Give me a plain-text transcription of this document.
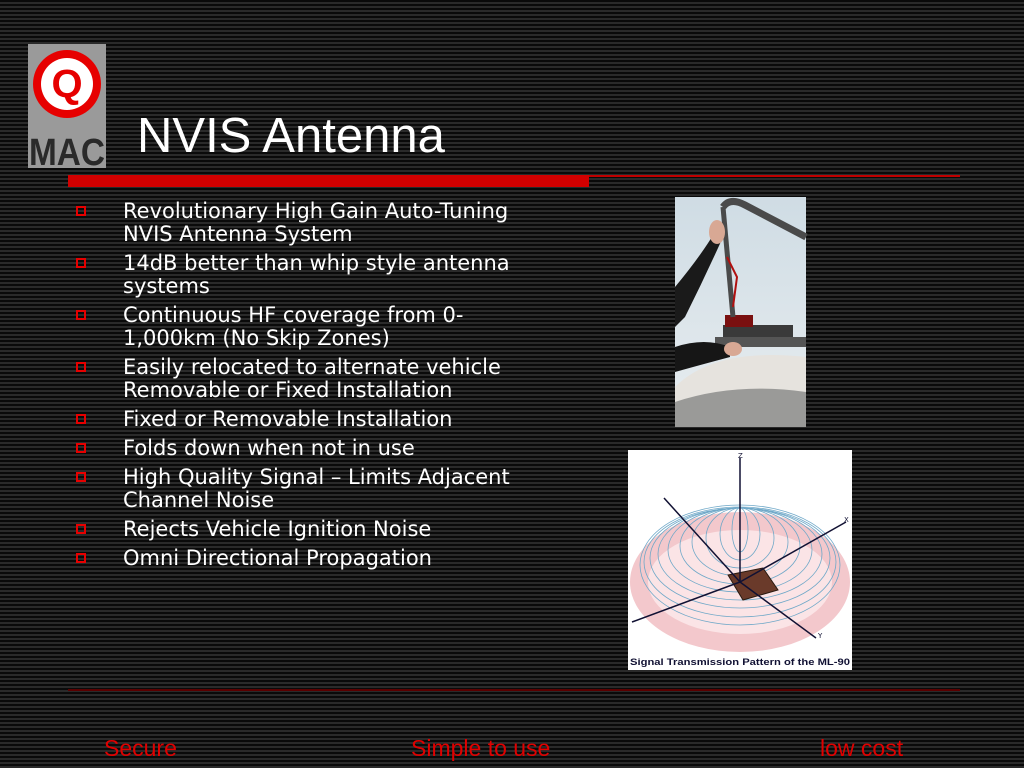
Q
MAC NVIS Antenna
Revolutionary High Gain Auto-Tuning NVIS Antenna System
14dB better than whip style antenna systems
Continuous HF coverage from 0-1,000km (No Skip Zones)
Easily relocated to alternate vehicle Removable or Fixed Installation
Fixed or Removable Installation
Folds down when not in use
High Quality Signal – Limits Adjacent Channel Noise
Rejects Vehicle Ignition Noise
Omni Directional Propagation
Z
X
Y
Signal Transmission Pattern of the ML-90
Secure	Simple to use	low cost
